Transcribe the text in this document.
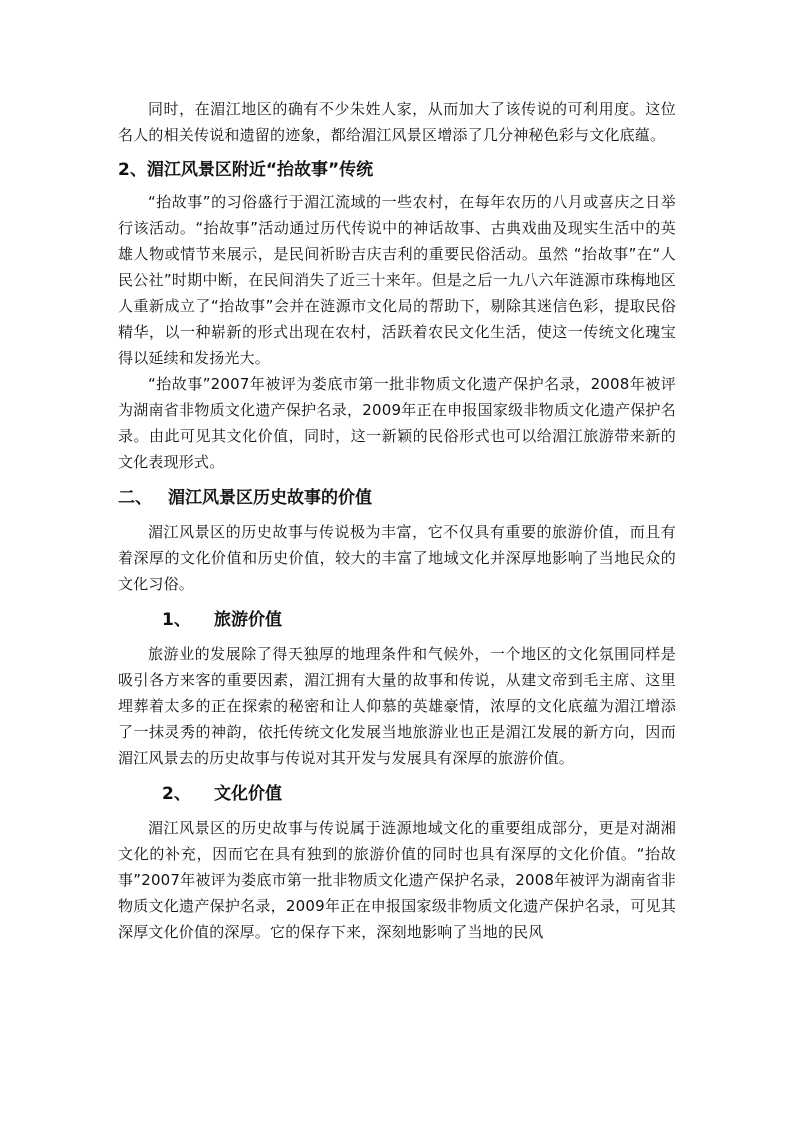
同时，在湄江地区的确有不少朱姓人家，从而加大了该传说的可利用度。这位名人的相关传说和遗留的迹象，都给湄江风景区增添了几分神秘色彩与文化底蕴。

2、湄江风景区附近“抬故事”传统

“抬故事”的习俗盛行于湄江流域的一些农村，在每年农历的八月或喜庆之日举行该活动。“抬故事”活动通过历代传说中的神话故事、古典戏曲及现实生活中的英雄人物或情节来展示，是民间祈盼吉庆吉利的重要民俗活动。虽然 “抬故事”在“人民公社”时期中断，在民间消失了近三十来年。但是之后一九八六年涟源市珠梅地区人重新成立了“抬故事”会并在涟源市文化局的帮助下，剔除其迷信色彩，提取民俗精华，以一种崭新的形式出现在农村，活跃着农民文化生活，使这一传统文化瑰宝得以延续和发扬光大。

“抬故事”2007年被评为娄底市第一批非物质文化遗产保护名录，2008年被评为湖南省非物质文化遗产保护名录，2009年正在申报国家级非物质文化遗产保护名录。由此可见其文化价值，同时，这一新颖的民俗形式也可以给湄江旅游带来新的文化表现形式。

二、 湄江风景区历史故事的价值

湄江风景区的历史故事与传说极为丰富，它不仅具有重要的旅游价值，而且有着深厚的文化价值和历史价值，较大的丰富了地域文化并深厚地影响了当地民众的文化习俗。

1、 旅游价值

旅游业的发展除了得天独厚的地理条件和气候外，一个地区的文化氛围同样是吸引各方来客的重要因素，湄江拥有大量的故事和传说，从建文帝到毛主席、这里埋葬着太多的正在探索的秘密和让人仰慕的英雄豪情，浓厚的文化底蕴为湄江增添了一抹灵秀的神韵，依托传统文化发展当地旅游业也正是湄江发展的新方向，因而湄江风景去的历史故事与传说对其开发与发展具有深厚的旅游价值。

2、 文化价值

湄江风景区的历史故事与传说属于涟源地域文化的重要组成部分，更是对湖湘文化的补充，因而它在具有独到的旅游价值的同时也具有深厚的文化价值。“抬故事”2007年被评为娄底市第一批非物质文化遗产保护名录，2008年被评为湖南省非物质文化遗产保护名录，2009年正在申报国家级非物质文化遗产保护名录，可见其深厚文化价值的深厚。它的保存下来，深刻地影响了当地的民风
